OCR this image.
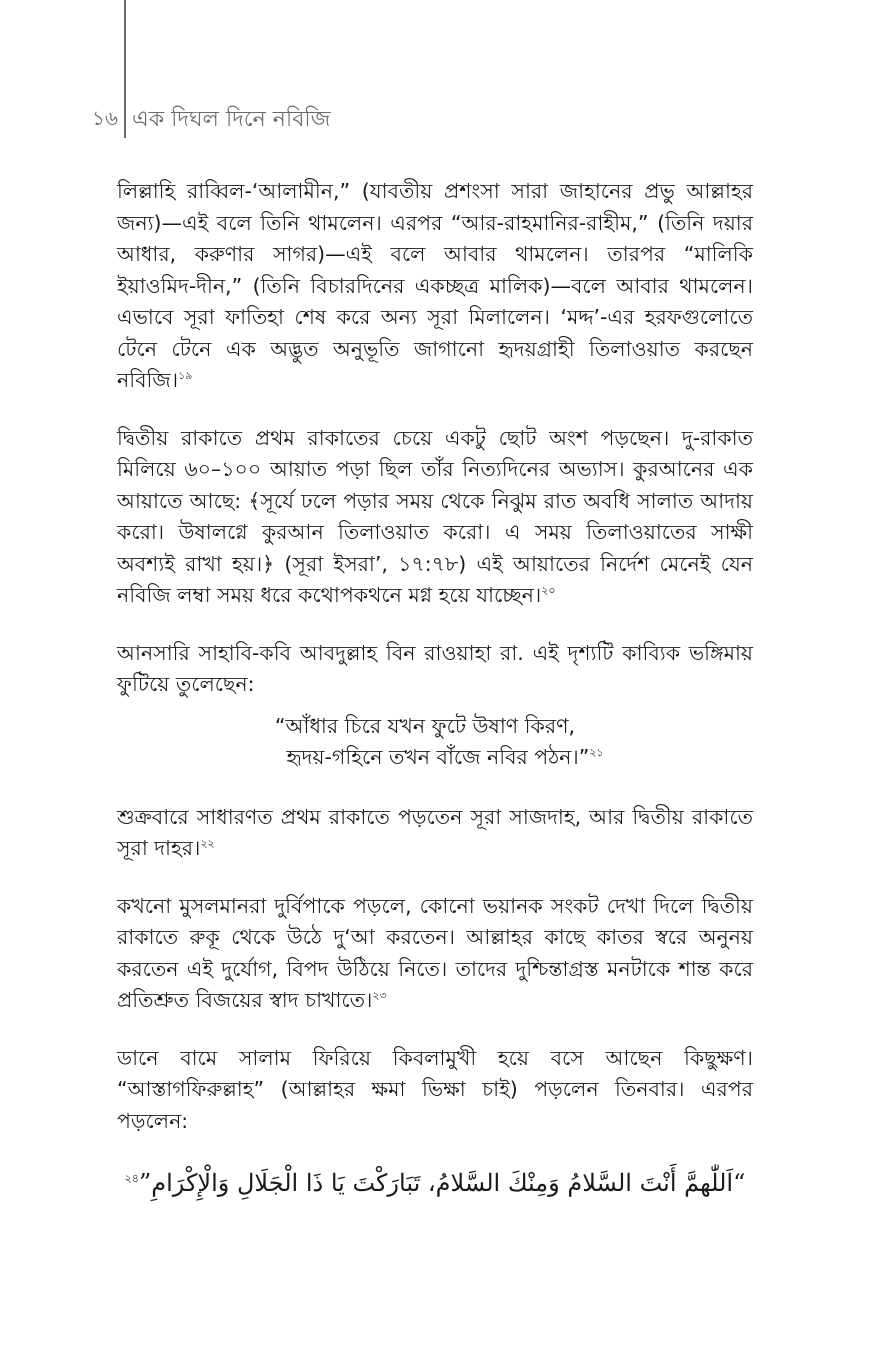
১৬ এক দিঘল দিনে নবিজি

লিল্লাহি রাব্বিল-‘আলামীন,” (যাবতীয় প্রশংসা সারা জাহানের প্রভু আল্লাহর জন্য)—এই বলে তিনি থামলেন। এরপর “আর-রাহমানির-রাহীম,” (তিনি দয়ার আধার, করুণার সাগর)—এই বলে আবার থামলেন। তারপর “মালিকি ইয়াওমিদ-দীন,” (তিনি বিচারদিনের একচ্ছত্র মালিক)—বলে আবার থামলেন। এভাবে সূরা ফাতিহা শেষ করে অন্য সূরা মিলালেন। ‘মদ্দ’-এর হরফগুলোতে টেনে টেনে এক অদ্ভুত অনুভূতি জাগানো হৃদয়গ্রাহী তিলাওয়াত করছেন নবিজি।$^{১৯}$

দ্বিতীয় রাকাতে প্রথম রাকাতের চেয়ে একটু ছোট অংশ পড়ছেন। দু-রাকাত মিলিয়ে ৬০–১০০ আয়াত পড়া ছিল তাঁর নিত্যদিনের অভ্যাস। কুরআনের এক আয়াতে আছে: ﴾সূর্যে ঢলে পড়ার সময় থেকে নিঝুম রাত অবধি সালাত আদায় করো। উষালগ্নে কুরআন তিলাওয়াত করো। এ সময় তিলাওয়াতের সাক্ষী অবশ্যই রাখা হয়।﴿ (সূরা ইসরা’, ১৭:৭৮) এই আয়াতের নির্দেশ মেনেই যেন নবিজি লম্বা সময় ধরে কথোপকথনে মগ্ন হয়ে যাচ্ছেন।$^{২০}$

আনসারি সাহাবি-কবি আবদুল্লাহ বিন রাওয়াহা রা. এই দৃশ্যটি কাব্যিক ভঙ্গিমায় ফুটিয়ে তুলেছেন:

“আঁধার চিরে যখন ফুটে উষাণ কিরণ,
হৃদয়-গহিনে তখন বাঁজে নবির পঠন।”$^{২১}$

শুক্রবারে সাধারণত প্রথম রাকাতে পড়তেন সূরা সাজদাহ, আর দ্বিতীয় রাকাতে সূরা দাহর।$^{২২}$

কখনো মুসলমানরা দুর্বিপাকে পড়লে, কোনো ভয়ানক সংকট দেখা দিলে দ্বিতীয় রাকাতে রুকূ থেকে উঠে দু‘আ করতেন। আল্লাহর কাছে কাতর স্বরে অনুনয় করতেন এই দুর্যোগ, বিপদ উঠিয়ে নিতে। তাদের দুশ্চিন্তাগ্রস্ত মনটাকে শান্ত করে প্রতিশ্রুত বিজয়ের স্বাদ চাখাতে।$^{২৩}$

ডানে বামে সালাম ফিরিয়ে কিবলামুখী হয়ে বসে আছেন কিছুক্ষণ। “আস্তাগফিরুল্লাহ” (আল্লাহর ক্ষমা ভিক্ষা চাই) পড়লেন তিনবার। এরপর পড়লেন:

“اَللّٰهمَّ أَنْتَ السَّلامُ وَمِنْكَ السَّلامُ، تَبَارَكْتَ يَا ذَا الْجَلَالِ وَالْإِكْرَامِ”$^{২৪}$
